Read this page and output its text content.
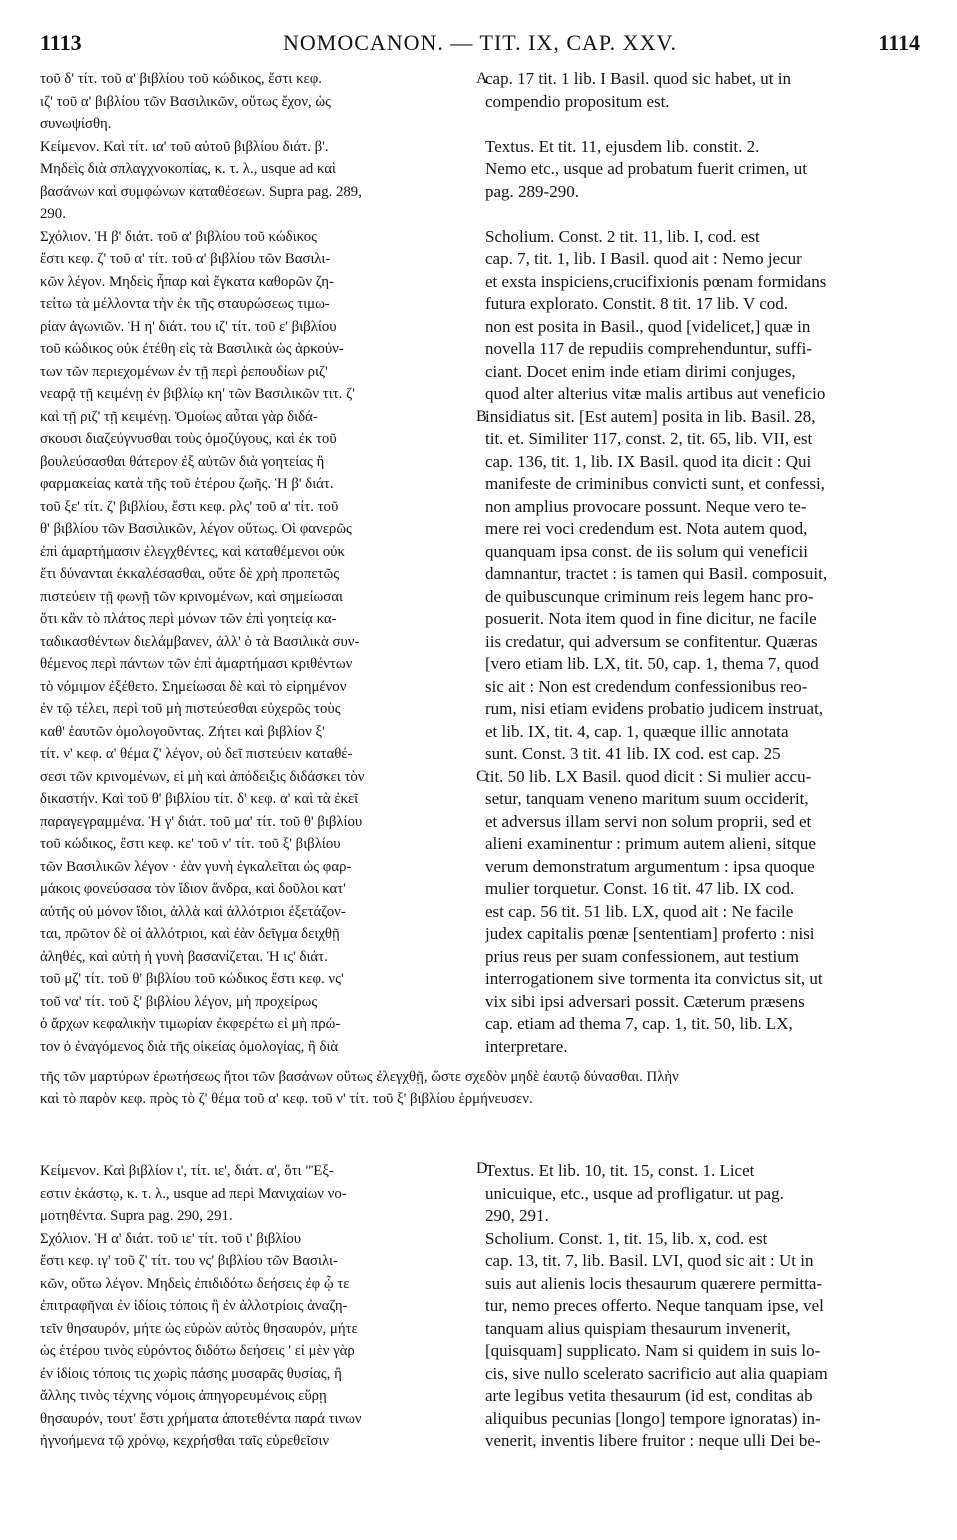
1113	NOMOCANON. — TIT. IX, CAP. XXV.	1114
A
B
C
D
τοῦ δ' τίτ. τοῦ α' βιβλίου τοῦ κώδικος, ἔστι κεφ.
ιζ' τοῦ α' βιβλίου τῶν Βασιλικῶν, οὕτως ἔχον, ὡς
συνωψίσθη.
Κείμενον. Καὶ τίτ. ια' τοῦ αὐτοῦ βιβλίου διάτ. β'.
Μηδεὶς διὰ σπλαγχνοκοπίας, κ. τ. λ., usque ad καὶ
βασάνων καὶ συμφώνων καταθέσεων. Supra pag. 289,
290.
Σχόλιον. Ἡ β' διάτ. τοῦ α' βιβλίου τοῦ κώδικος
ἔστι κεφ. ζ' τοῦ α' τίτ. τοῦ α' βιβλίου τῶν Βασιλι-
κῶν λέγον. Μηδεὶς ἧπαρ καὶ ἔγκατα καθορῶν ζη-
τείτω τὰ μέλλοντα τὴν ἐκ τῆς σταυρώσεως τιμω-
ρίαν ἀγωνιῶν. Ἡ η' διάτ. του ιζ' τίτ. τοῦ ε' βιβλίου
τοῦ κώδικος οὐκ ἐτέθη εἰς τὰ Βασιλικὰ ὡς ἀρκούν-
των τῶν περιεχομένων ἐν τῇ περὶ ῥεπουδίων ριζ'
νεαρᾷ τῇ κειμένῃ ἐν βιβλίῳ κη' τῶν Βασιλικῶν τιτ. ζ'
καὶ τῇ ριζ' τῇ κειμένῃ. Ὁμοίως αὗται γὰρ διδά-
σκουσι διαζεύγνυσθαι τοὺς ὁμοζύγους, καὶ ἐκ τοῦ
βουλεύσασθαι θάτερον ἐξ αὐτῶν διὰ γοητείας ἢ
φαρμακείας κατὰ τῆς τοῦ ἑτέρου ζωῆς. Ἡ β' διάτ.
τοῦ ξε' τίτ. ζ' βιβλίου, ἔστι κεφ. ρλς' τοῦ α' τίτ. τοῦ
θ' βιβλίου τῶν Βασιλικῶν, λέγον οὕτως. Οἱ φανερῶς
ἐπὶ ἁμαρτήμασιν ἐλεγχθέντες, καὶ καταθέμενοι οὐκ
ἔτι δύνανται ἐκκαλέσασθαι, οὔτε δὲ χρὴ προπετῶς
πιστεύειν τῇ φωνῇ τῶν κρινομένων, καὶ σημείωσαι
ὅτι κἂν τὸ πλάτος περὶ μόνων τῶν ἐπὶ γοητείᾳ κα-
ταδικασθέντων διελάμβανεν, ἀλλ' ὁ τὰ Βασιλικὰ συν-
θέμενος περὶ πάντων τῶν ἐπὶ ἁμαρτήμασι κριθέντων
τὸ νόμιμον ἐξέθετο. Σημείωσαι δὲ καὶ τὸ εἰρημένον
ἐν τῷ τέλει, περὶ τοῦ μὴ πιστεύεσθαι εὐχερῶς τοὺς
καθ' ἑαυτῶν ὁμολογοῦντας. Ζήτει καὶ βιβλίον ξ'
τίτ. ν' κεφ. α' θέμα ζ' λέγον, οὐ δεῖ πιστεύειν καταθέ-
σεσι τῶν κρινομένων, εἰ μὴ καὶ ἀπόδειξις διδάσκει τὸν
δικαστήν. Καὶ τοῦ θ' βιβλίου τίτ. δ' κεφ. α' καὶ τὰ ἐκεῖ
παραγεγραμμένα. Ἡ γ' διάτ. τοῦ μα' τίτ. τοῦ θ' βιβλίου
τοῦ κώδικος, ἔστι κεφ. κε' τοῦ ν' τίτ. τοῦ ξ' βιβλίου
τῶν Βασιλικῶν λέγον · ἐὰν γυνὴ ἐγκαλεῖται ὡς φαρ-
μάκοις φονεύσασα τὸν ἴδιον ἄνδρα, καὶ δοῦλοι κατ'
αὐτῆς οὐ μόνον ἴδιοι, ἀλλὰ καὶ ἀλλότριοι ἐξετάζον-
ται, πρῶτον δὲ οἱ ἀλλότριοι, καὶ ἐὰν δεῖγμα δειχθῇ
ἀληθές, καὶ αὐτὴ ἡ γυνὴ βασανίζεται. Ἡ ις' διάτ.
τοῦ μζ' τίτ. τοῦ θ' βιβλίου τοῦ κώδικος ἔστι κεφ. νς'
τοῦ να' τίτ. τοῦ ξ' βιβλίου λέγον, μὴ προχείρως
ὁ ἄρχων κεφαλικὴν τιμωρίαν ἐκφερέτω εἰ μὴ πρώ-
τον ὁ ἐναγόμενος διὰ τῆς οἰκείας ὁμολογίας, ἢ διὰ
cap. 17 tit. 1 lib. I Basil. quod sic habet, ut in
compendio propositum est.
Textus. Et tit. 11, ejusdem lib. constit. 2.
Nemo etc., usque ad probatum fuerit crimen, ut
pag. 289-290.
Scholium. Const. 2 tit. 11, lib. I, cod. est
cap. 7, tit. 1, lib. I Basil. quod ait : Nemo jecur
et exsta inspiciens,crucifixionis pœnam formidans
futura explorato. Constit. 8 tit. 17 lib. V cod.
non est posita in Basil., quod [videlicet,] quæ in
novella 117 de repudiis comprehenduntur, suffi-
ciant. Docet enim inde etiam dirimi conjuges,
quod alter alterius vitæ malis artibus aut veneficio
insidiatus sit. [Est autem] posita in lib. Basil. 28,
tit. et. Similiter 117, const. 2, tit. 65, lib. VII, est
cap. 136, tit. 1, lib. IX Basil. quod ita dicit : Qui
manifeste de criminibus convicti sunt, et confessi,
non amplius provocare possunt. Neque vero te-
mere rei voci credendum est. Nota autem quod,
quanquam ipsa const. de iis solum qui veneficii
damnantur, tractet : is tamen qui Basil. composuit,
de quibuscunque criminum reis legem hanc pro-
posuerit. Nota item quod in fine dicitur, ne facile
iis credatur, qui adversum se confitentur. Quæras
[vero etiam lib. LX, tit. 50, cap. 1, thema 7, quod
sic ait : Non est credendum confessionibus reo-
rum, nisi etiam evidens probatio judicem instruat,
et lib. IX, tit. 4, cap. 1, quæque illic annotata
sunt. Const. 3 tit. 41 lib. IX cod. est cap. 25
tit. 50 lib. LX Basil. quod dicit : Si mulier accu-
setur, tanquam veneno maritum suum occiderit,
et adversus illam servi non solum proprii, sed et
alieni examinentur : primum autem alieni, sitque
verum demonstratum argumentum : ipsa quoque
mulier torquetur. Const. 16 tit. 47 lib. IX cod.
est cap. 56 tit. 51 lib. LX, quod ait : Ne facile
judex capitalis pœnæ [sententiam] proferto : nisi
prius reus per suam confessionem, aut testium
interrogationem sive tormenta ita convictus sit, ut
vix sibi ipsi adversari possit. Cæterum præsens
cap. etiam ad thema 7, cap. 1, tit. 50, lib. LX,
interpretare.
τῆς τῶν μαρτύρων ἐρωτήσεως ἤτοι τῶν βασάνων οὕτως ἐλεγχθῇ, ὥστε σχεδὸν μηδὲ ἑαυτῷ δύνασθαι. Πλὴν
καὶ τὸ παρὸν κεφ. πρὸς τὸ ζ' θέμα τοῦ α' κεφ. τοῦ ν' τίτ. τοῦ ξ' βιβλίου ἑρμήνευσεν.
Κείμενον. Καὶ βιβλίον ι', τίτ. ιε', διάτ. α', ὅτι "Ἐξ-
εστιν ἑκάστῳ, κ. τ. λ., usque ad περὶ Μανιχαίων νο-
μοτηθέντα. Supra pag. 290, 291.
Σχόλιον. Ἡ α' διάτ. τοῦ ιε' τίτ. τοῦ ι' βιβλίου
ἔστι κεφ. ιγ' τοῦ ζ' τίτ. του νς' βιβλίου τῶν Βασιλι-
κῶν, οὕτω λέγον. Μηδεὶς ἐπιδιδότω δεήσεις ἐφ ᾧ τε
ἐπιτραφῆναι ἐν ἰδίοις τόποις ἢ ἐν ἀλλοτρίοις ἀναζη-
τεῖν θησαυρόν, μήτε ὡς εὑρὼν αὐτὸς θησαυρόν, μήτε
ὡς ἑτέρου τινὸς εὑρόντος διδότω δεήσεις ' εἰ μὲν γὰρ
ἐν ἰδίοις τόποις τις χωρὶς πάσης μυσαρᾶς θυσίας, ἢ
ἄλλης τινὸς τέχνης νόμοις ἀπηγορευμένοις εὕρῃ
θησαυρόν, τουτ' ἔστι χρήματα ἀποτεθέντα παρά τινων
ἠγνοήμενα τῷ χρόνῳ, κεχρήσθαι ταῖς εὑρεθεῖσιν
Textus. Et lib. 10, tit. 15, const. 1. Licet
unicuique, etc., usque ad profligatur. ut pag.
290, 291.
Scholium. Const. 1, tit. 15, lib. x, cod. est
cap. 13, tit. 7, lib. Basil. LVI, quod sic ait : Ut in
suis aut alienis locis thesaurum quærere permitta-
tur, nemo preces offerto. Neque tanquam ipse, vel
tanquam alius quispiam thesaurum invenerit,
[quisquam] supplicato. Nam si quidem in suis lo-
cis, sive nullo scelerato sacrificio aut alia quapiam
arte legibus vetita thesaurum (id est, conditas ab
aliquibus pecunias [longo] tempore ignoratas) in-
venerit, inventis libere fruitor : neque ulli Dei be-
